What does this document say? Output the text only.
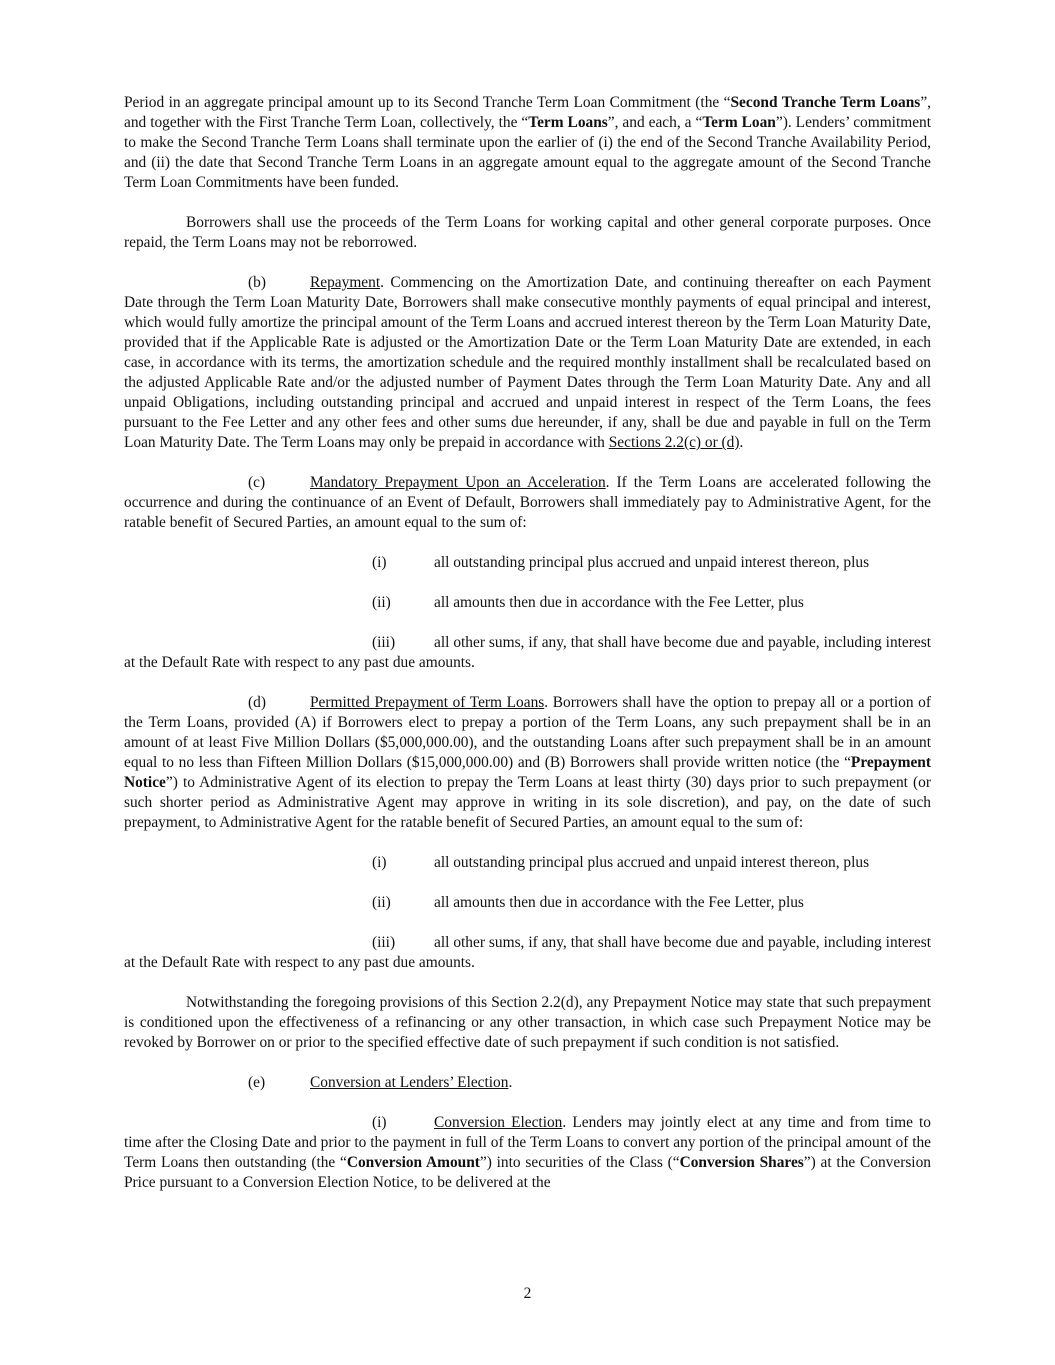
Period in an aggregate principal amount up to its Second Tranche Term Loan Commitment (the “Second Tranche Term Loans”, and together with the First Tranche Term Loan, collectively, the “Term Loans”, and each, a “Term Loan”). Lenders’ commitment to make the Second Tranche Term Loans shall terminate upon the earlier of (i) the end of the Second Tranche Availability Period, and (ii) the date that Second Tranche Term Loans in an aggregate amount equal to the aggregate amount of the Second Tranche Term Loan Commitments have been funded.

Borrowers shall use the proceeds of the Term Loans for working capital and other general corporate purposes. Once repaid, the Term Loans may not be reborrowed.

(b)	Repayment. Commencing on the Amortization Date, and continuing thereafter on each Payment Date through the Term Loan Maturity Date, Borrowers shall make consecutive monthly payments of equal principal and interest, which would fully amortize the principal amount of the Term Loans and accrued interest thereon by the Term Loan Maturity Date, provided that if the Applicable Rate is adjusted or the Amortization Date or the Term Loan Maturity Date are extended, in each case, in accordance with its terms, the amortization schedule and the required monthly installment shall be recalculated based on the adjusted Applicable Rate and/or the adjusted number of Payment Dates through the Term Loan Maturity Date. Any and all unpaid Obligations, including outstanding principal and accrued and unpaid interest in respect of the Term Loans, the fees pursuant to the Fee Letter and any other fees and other sums due hereunder, if any, shall be due and payable in full on the Term Loan Maturity Date. The Term Loans may only be prepaid in accordance with Sections 2.2(c) or (d).

(c)	Mandatory Prepayment Upon an Acceleration. If the Term Loans are accelerated following the occurrence and during the continuance of an Event of Default, Borrowers shall immediately pay to Administrative Agent, for the ratable benefit of Secured Parties, an amount equal to the sum of:

(i)	all outstanding principal plus accrued and unpaid interest thereon, plus

(ii)	all amounts then due in accordance with the Fee Letter, plus

(iii)	all other sums, if any, that shall have become due and payable, including interest at the Default Rate with respect to any past due amounts.

(d)	Permitted Prepayment of Term Loans. Borrowers shall have the option to prepay all or a portion of the Term Loans, provided (A) if Borrowers elect to prepay a portion of the Term Loans, any such prepayment shall be in an amount of at least Five Million Dollars ($5,000,000.00), and the outstanding Loans after such prepayment shall be in an amount equal to no less than Fifteen Million Dollars ($15,000,000.00) and (B) Borrowers shall provide written notice (the “Prepayment Notice”) to Administrative Agent of its election to prepay the Term Loans at least thirty (30) days prior to such prepayment (or such shorter period as Administrative Agent may approve in writing in its sole discretion), and pay, on the date of such prepayment, to Administrative Agent for the ratable benefit of Secured Parties, an amount equal to the sum of:

(i)	all outstanding principal plus accrued and unpaid interest thereon, plus

(ii)	all amounts then due in accordance with the Fee Letter, plus

(iii)	all other sums, if any, that shall have become due and payable, including interest at the Default Rate with respect to any past due amounts.

Notwithstanding the foregoing provisions of this Section 2.2(d), any Prepayment Notice may state that such prepayment is conditioned upon the effectiveness of a refinancing or any other transaction, in which case such Prepayment Notice may be revoked by Borrower on or prior to the specified effective date of such prepayment if such condition is not satisfied.

(e)	Conversion at Lenders’ Election.

(i)	Conversion Election. Lenders may jointly elect at any time and from time to time after the Closing Date and prior to the payment in full of the Term Loans to convert any portion of the principal amount of the Term Loans then outstanding (the “Conversion Amount”) into securities of the Class (“Conversion Shares”) at the Conversion Price pursuant to a Conversion Election Notice, to be delivered at the

2
